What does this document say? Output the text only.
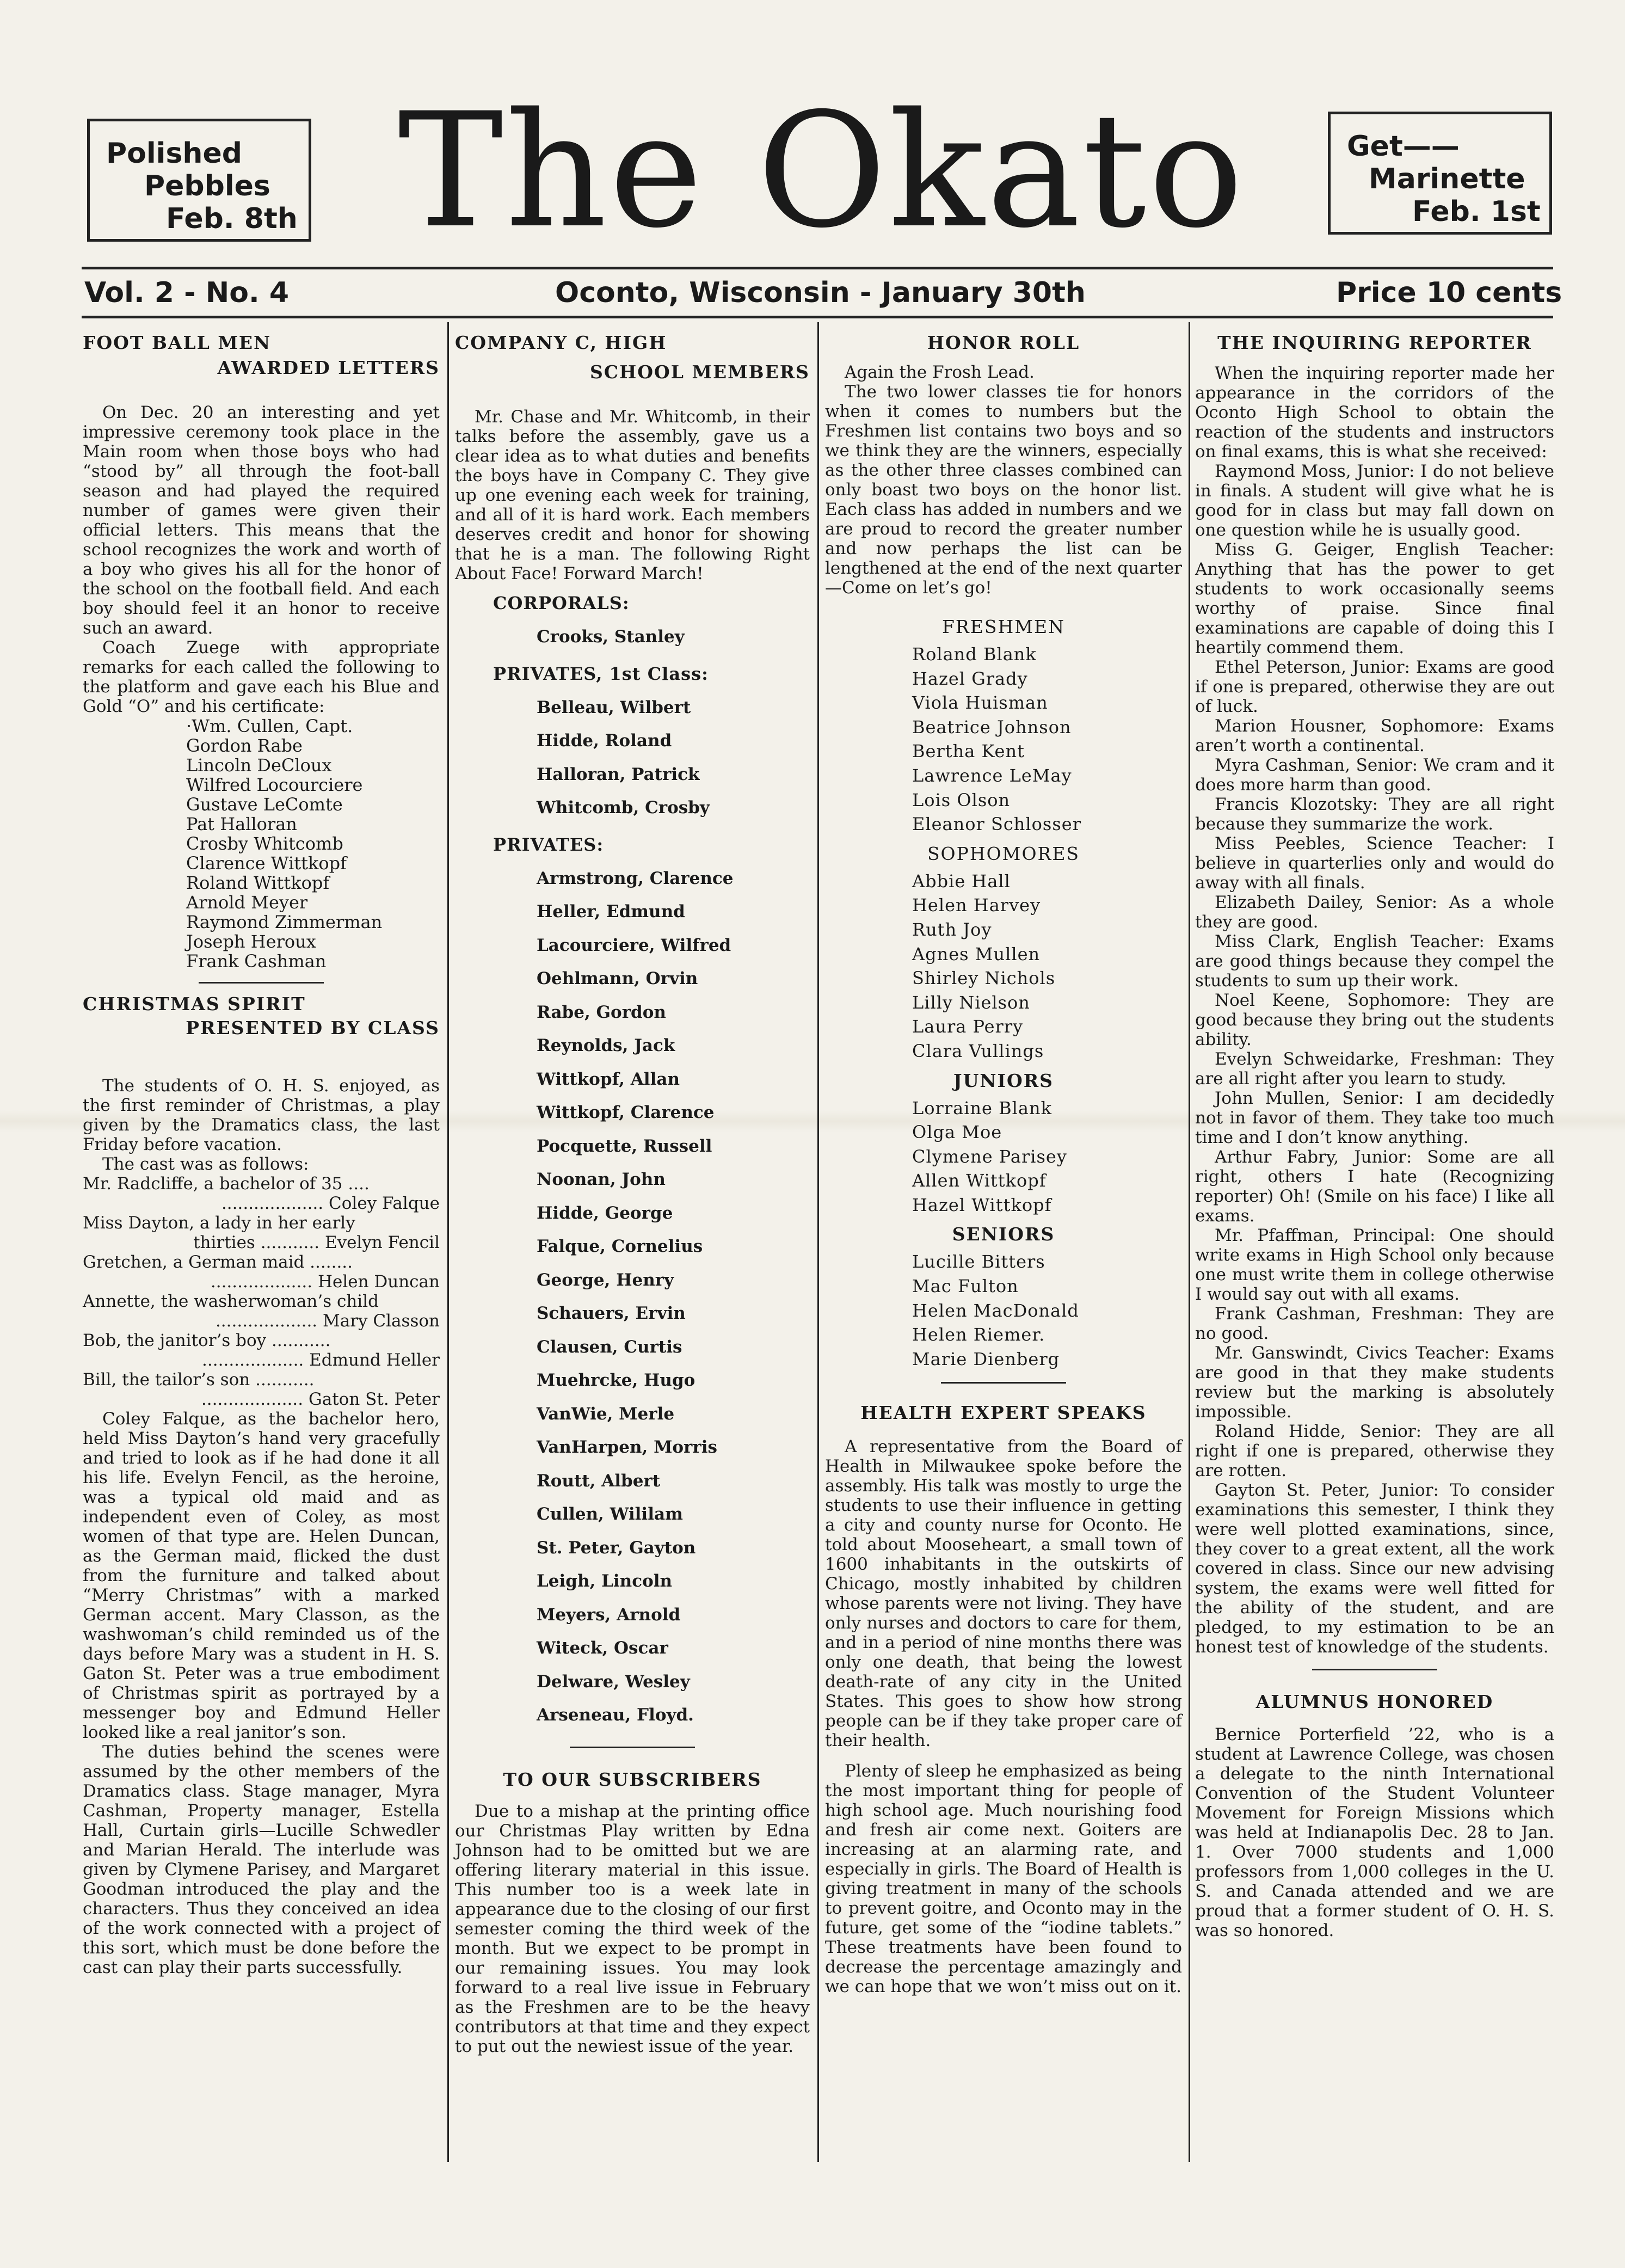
Polished
Pebbles
Feb. 8th The Okato	Get——
Marinette
Feb. 1st
Vol. 2 - No. 4	Oconto, Wisconsin - January 30th	Price 10 cents
FOOT BALL MEN
AWARDED LETTERS

On Dec. 20 an interesting and yet impressive ceremony took place in the Main room when those boys who had “stood by” all through the foot-ball season and had played the required number of games were given their official letters. This means that the school recognizes the work and worth of a boy who gives his all for the honor of the school on the football field. And each boy should feel it an honor to receive such an award.

Coach Zuege with appropriate remarks for each called the following to the platform and gave each his Blue and Gold “O” and his certificate:

·Wm. Cullen, Capt.
Gordon Rabe
Lincoln DeCloux
Wilfred Locourciere
Gustave LeComte
Pat Halloran
Crosby Whitcomb
Clarence Wittkopf
Roland Wittkopf
Arnold Meyer
Raymond Zimmerman
Joseph Heroux
Frank Cashman
CHRISTMAS SPIRIT
PRESENTED BY CLASS

The students of O. H. S. enjoyed, as the first reminder of Christmas, a play given by the Dramatics class, the last Friday before vacation.

The cast was as follows:

Mr. Radcliffe, a bachelor of 35 ....
................... Coley Falque
Miss Dayton, a lady in her early
thirties ........... Evelyn Fencil
Gretchen, a German maid ........
................... Helen Duncan
Annette, the washerwoman’s child
................... Mary Classon
Bob, the janitor’s boy ...........
................... Edmund Heller
Bill, the tailor’s son ...........
................... Gaton St. Peter

Coley Falque, as the bachelor hero, held Miss Dayton’s hand very gracefully and tried to look as if he had done it all his life. Evelyn Fencil, as the heroine, was a typical old maid and as independent even of Coley, as most women of that type are. Helen Duncan, as the German maid, flicked the dust from the furniture and talked about “Merry Christmas” with a marked German accent. Mary Classon, as the washwoman’s child reminded us of the days before Mary was a student in H. S. Gaton St. Peter was a true embodiment of Christmas spirit as portrayed by a messenger boy and Edmund Heller looked like a real janitor’s son.

The duties behind the scenes were assumed by the other members of the Dramatics class. Stage manager, Myra Cashman, Property manager, Estella Hall, Curtain girls—Lucille Schwedler and Marian Herald. The interlude was given by Clymene Parisey, and Margaret Goodman introduced the play and the characters. Thus they conceived an idea of the work connected with a project of this sort, which must be done before the cast can play their parts successfully.

COMPANY C, HIGH
SCHOOL MEMBERS

Mr. Chase and Mr. Whitcomb, in their talks before the assembly, gave us a clear idea as to what duties and benefits the boys have in Company C. They give up one evening each week for training, and all of it is hard work. Each members deserves credit and honor for showing that he is a man. The following Right About Face! Forward March!

CORPORALS:
Crooks, Stanley
PRIVATES, 1st Class:
Belleau, Wilbert
Hidde, Roland
Halloran, Patrick
Whitcomb, Crosby
PRIVATES:
Armstrong, Clarence
Heller, Edmund
Lacourciere, Wilfred
Oehlmann, Orvin
Rabe, Gordon
Reynolds, Jack
Wittkopf, Allan
Wittkopf, Clarence
Pocquette, Russell
Noonan, John
Hidde, George
Falque, Cornelius
George, Henry
Schauers, Ervin
Clausen, Curtis
Muehrcke, Hugo
VanWie, Merle
VanHarpen, Morris
Routt, Albert
Cullen, Wililam
St. Peter, Gayton
Leigh, Lincoln
Meyers, Arnold
Witeck, Oscar
Delware, Wesley
Arseneau, Floyd.
TO OUR SUBSCRIBERS

Due to a mishap at the printing office our Christmas Play written by Edna Johnson had to be omitted but we are offering literary material in this issue. This number too is a week late in appearance due to the closing of our first semester coming the third week of the month. But we expect to be prompt in our remaining issues. You may look forward to a real live issue in February as the Freshmen are to be the heavy contributors at that time and they expect to put out the newiest issue of the year.

HONOR ROLL

Again the Frosh Lead.

The two lower classes tie for honors when it comes to numbers but the Freshmen list contains two boys and so we think they are the winners, especially as the other three classes combined can only boast two boys on the honor list. Each class has added in numbers and we are proud to record the greater number and now perhaps the list can be lengthened at the end of the next quarter—Come on let’s go!

FRESHMEN
Roland Blank
Hazel Grady
Viola Huisman
Beatrice Johnson
Bertha Kent
Lawrence LeMay
Lois Olson
Eleanor Schlosser
SOPHOMORES
Abbie Hall
Helen Harvey
Ruth Joy
Agnes Mullen
Shirley Nichols
Lilly Nielson
Laura Perry
Clara Vullings
JUNIORS
Lorraine Blank
Olga Moe
Clymene Parisey
Allen Wittkopf
Hazel Wittkopf
SENIORS
Lucille Bitters
Mac Fulton
Helen MacDonald
Helen Riemer.
Marie Dienberg
HEALTH EXPERT SPEAKS

A representative from the Board of Health in Milwaukee spoke before the assembly. His talk was mostly to urge the students to use their influence in getting a city and county nurse for Oconto. He told about Mooseheart, a small town of 1600 inhabitants in the outskirts of Chicago, mostly inhabited by children whose parents were not living. They have only nurses and doctors to care for them, and in a period of nine months there was only one death, that being the lowest death-rate of any city in the United States. This goes to show how strong people can be if they take proper care of their health.

Plenty of sleep he emphasized as being the most important thing for people of high school age. Much nourishing food and fresh air come next. Goiters are increasing at an alarming rate, and especially in girls. The Board of Health is giving treatment in many of the schools to prevent goitre, and Oconto may in the future, get some of the “iodine tablets.” These treatments have been found to decrease the percentage amazingly and we can hope that we won’t miss out on it.

THE INQUIRING REPORTER

When the inquiring reporter made her appearance in the corridors of the Oconto High School to obtain the reaction of the students and instructors on final exams, this is what she received:

Raymond Moss, Junior: I do not believe in finals. A student will give what he is good for in class but may fall down on one question while he is usually good.

Miss G. Geiger, English Teacher: Anything that has the power to get students to work occasionally seems worthy of praise. Since final examinations are capable of doing this I heartily commend them.

Ethel Peterson, Junior: Exams are good if one is prepared, otherwise they are out of luck.

Marion Housner, Sophomore: Exams aren’t worth a continental.

Myra Cashman, Senior: We cram and it does more harm than good.

Francis Klozotsky: They are all right because they summarize the work.

Miss Peebles, Science Teacher: I believe in quarterlies only and would do away with all finals.

Elizabeth Dailey, Senior: As a whole they are good.

Miss Clark, English Teacher: Exams are good things because they compel the students to sum up their work.

Noel Keene, Sophomore: They are good because they bring out the students ability.

Evelyn Schweidarke, Freshman: They are all right after you learn to study.

John Mullen, Senior: I am decidedly not in favor of them. They take too much time and I don’t know anything.

Arthur Fabry, Junior: Some are all right, others I hate (Recognizing reporter) Oh! (Smile on his face) I like all exams.

Mr. Pfaffman, Principal: One should write exams in High School only because one must write them in college otherwise I would say out with all exams.

Frank Cashman, Freshman: They are no good.

Mr. Ganswindt, Civics Teacher: Exams are good in that they make students review but the marking is absolutely impossible.

Roland Hidde, Senior: They are all right if one is prepared, otherwise they are rotten.

Gayton St. Peter, Junior: To consider examinations this semester, I think they were well plotted examinations, since, they cover to a great extent, all the work covered in class. Since our new advising system, the exams were well fitted for the ability of the student, and are pledged, to my estimation to be an honest test of knowledge of the students.

ALUMNUS HONORED

Bernice Porterfield ’22, who is a student at Lawrence College, was chosen a delegate to the ninth International Convention of the Student Volunteer Movement for Foreign Missions which was held at Indianapolis Dec. 28 to Jan. 1. Over 7000 students and 1,000 professors from 1,000 colleges in the U. S. and Canada attended and we are proud that a former student of O. H. S. was so honored.
